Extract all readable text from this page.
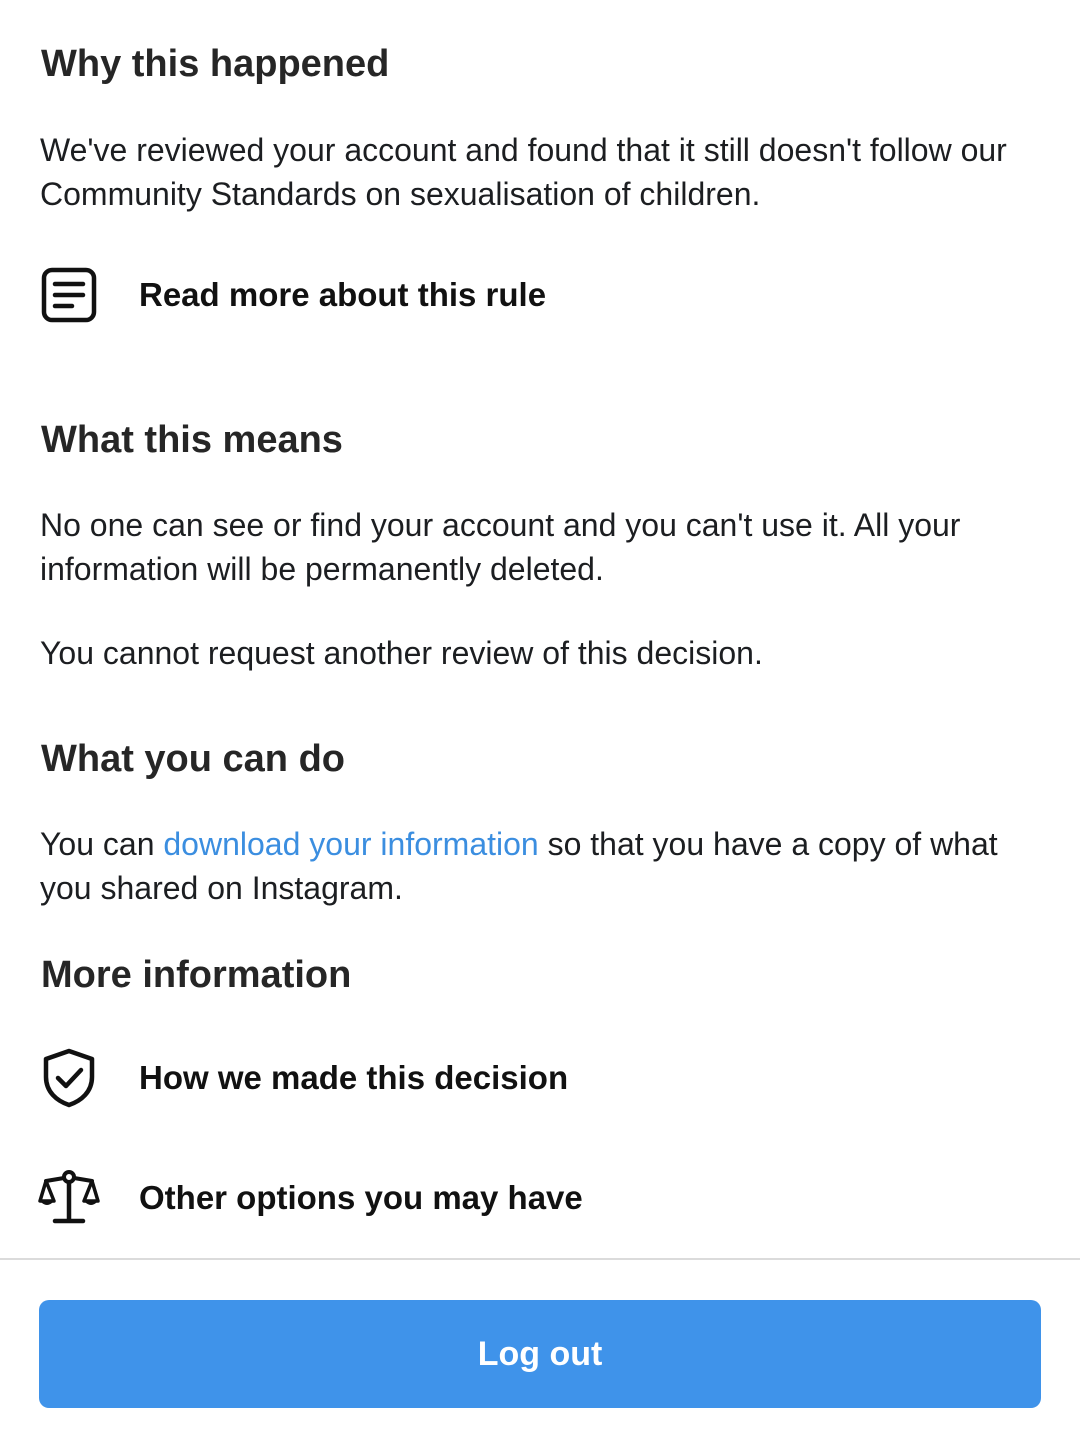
Why this happened

We've reviewed your account and found that it still doesn't follow our Community Standards on sexualisation of children.

Read more about this rule
What this means

No one can see or find your account and you can't use it. All your information will be permanently deleted.

You cannot request another review of this decision.

What you can do

You can download your information so that you have a copy of what you shared on Instagram.

More information
How we made this decision
Other options you may have
Log out
